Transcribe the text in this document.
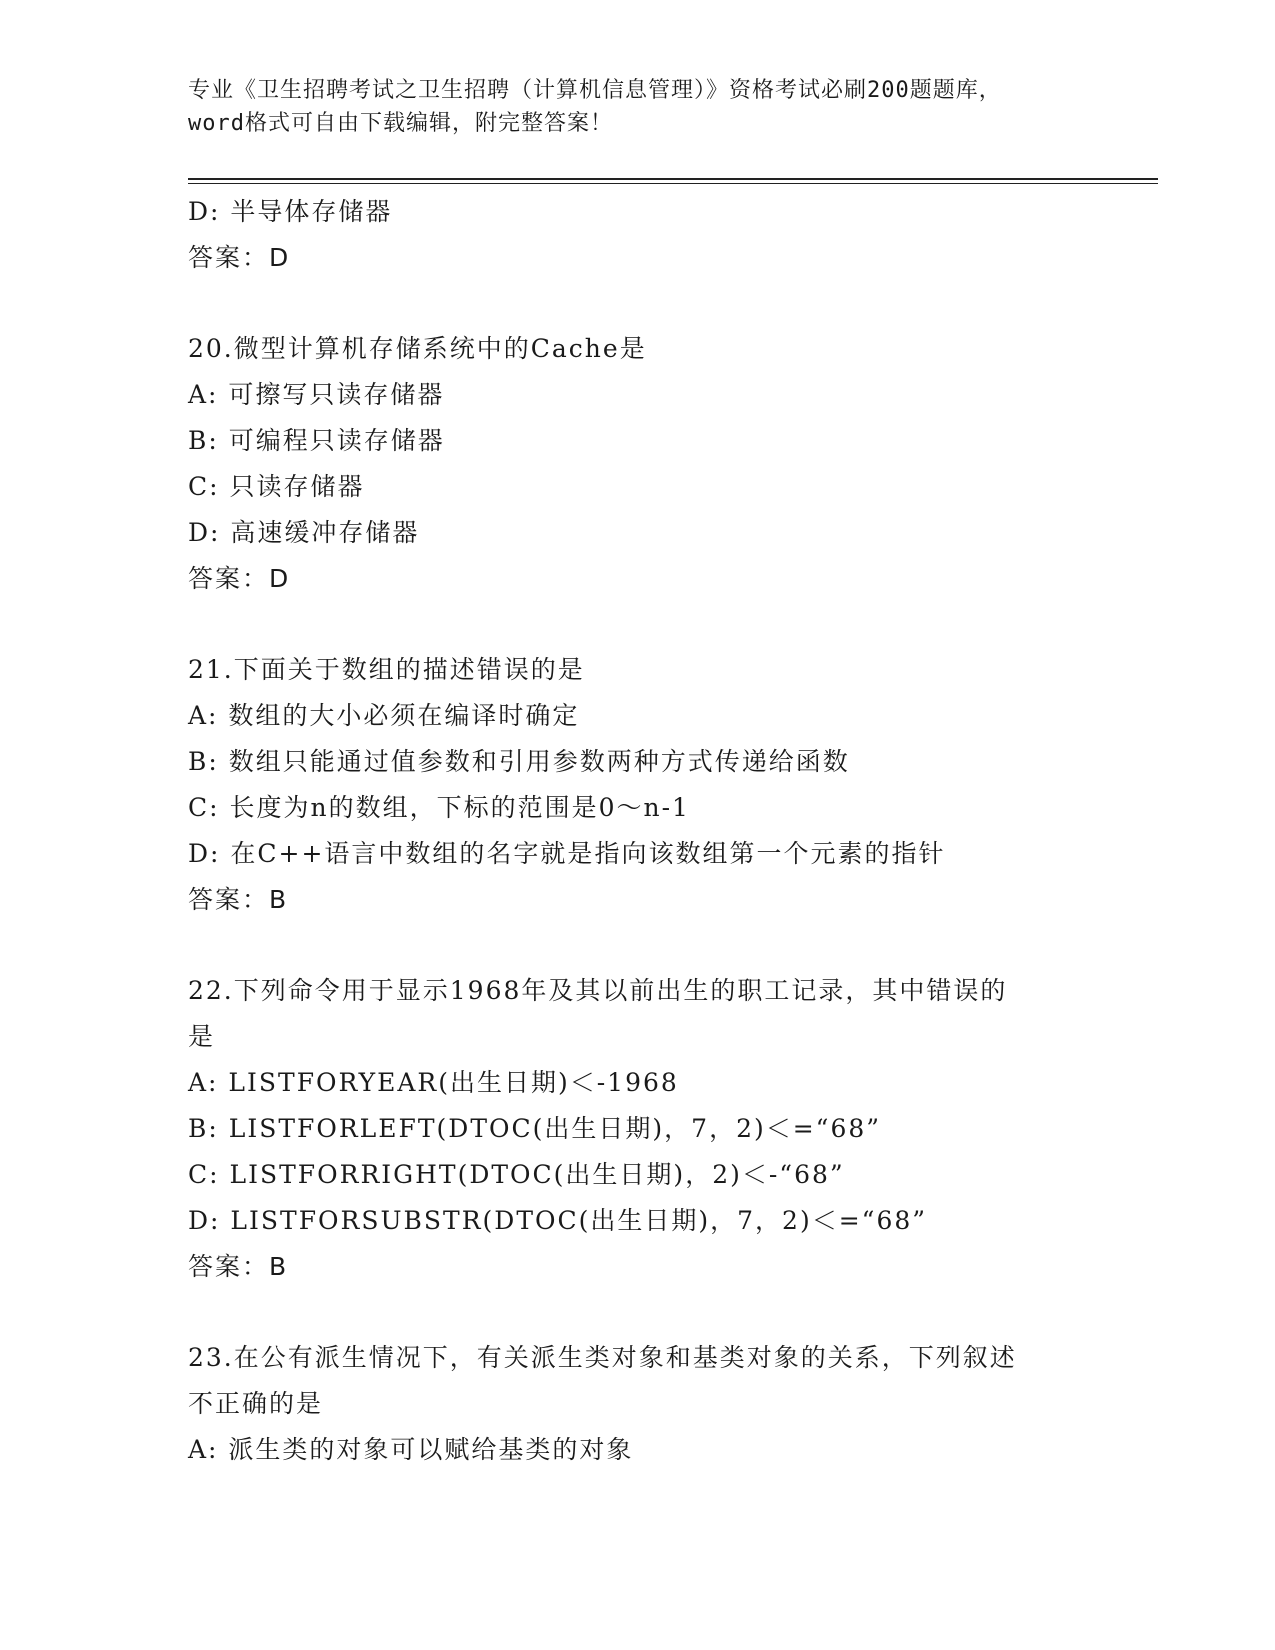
专业《卫生招聘考试之卫生招聘（计算机信息管理）》资格考试必刷200题题库，
word格式可自由下载编辑，附完整答案！
D: 半导体存储器
答案：D
20.微型计算机存储系统中的Cache是
A: 可擦写只读存储器
B: 可编程只读存储器
C: 只读存储器
D: 高速缓冲存储器
答案：D
21.下面关于数组的描述错误的是
A: 数组的大小必须在编译时确定
B: 数组只能通过值参数和引用参数两种方式传递给函数
C: 长度为n的数组，下标的范围是0～n-1
D: 在C++语言中数组的名字就是指向该数组第一个元素的指针
答案：B
22.下列命令用于显示1968年及其以前出生的职工记录，其中错误的
是
A: LISTFORYEAR(出生日期)＜-1968
B: LISTFORLEFT(DTOC(出生日期)，7，2)＜=“68”
C: LISTFORRIGHT(DTOC(出生日期)，2)＜-“68”
D: LISTFORSUBSTR(DTOC(出生日期)，7，2)＜=“68”
答案：B
23.在公有派生情况下，有关派生类对象和基类对象的关系，下列叙述
不正确的是
A: 派生类的对象可以赋给基类的对象
